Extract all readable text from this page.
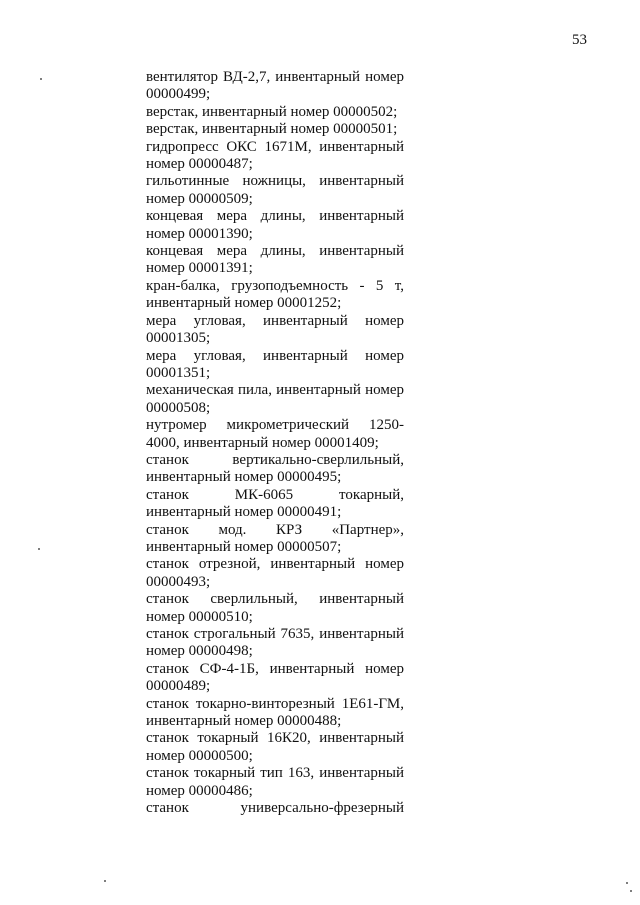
53

вентилятор ВД-2,7, инвентарный номер 00000499;

верстак, инвентарный номер 00000502;

верстак, инвентарный номер 00000501;

гидропресс ОКС 1671М, инвентарный номер 00000487;

гильотинные ножницы, инвентарный номер 00000509;

концевая мера длины, инвентарный номер 00001390;

концевая мера длины, инвентарный номер 00001391;

кран-балка, грузоподъемность - 5 т, инвентарный номер 00001252;

мера угловая, инвентарный номер 00001305;

мера угловая, инвентарный номер 00001351;

механическая пила, инвентарный номер 00000508;

нутромер микрометрический 1250-4000, инвентарный номер 00001409;

станок вертикально-сверлильный, инвентарный номер 00000495;

станок МК-6065 токарный, инвентарный номер 00000491;

станок мод. КРЗ «Партнер», инвентарный номер 00000507;

станок отрезной, инвентарный номер 00000493;

станок сверлильный, инвентарный номер 00000510;

станок строгальный 7635, инвентарный номер 00000498;

станок СФ-4-1Б, инвентарный номер 00000489;

станок токарно-винторезный 1Е61-ГМ, инвентарный номер 00000488;

станок токарный 16К20, инвентарный номер 00000500;

станок токарный тип 163, инвентарный номер 00000486;

станок универсально-фрезерный
